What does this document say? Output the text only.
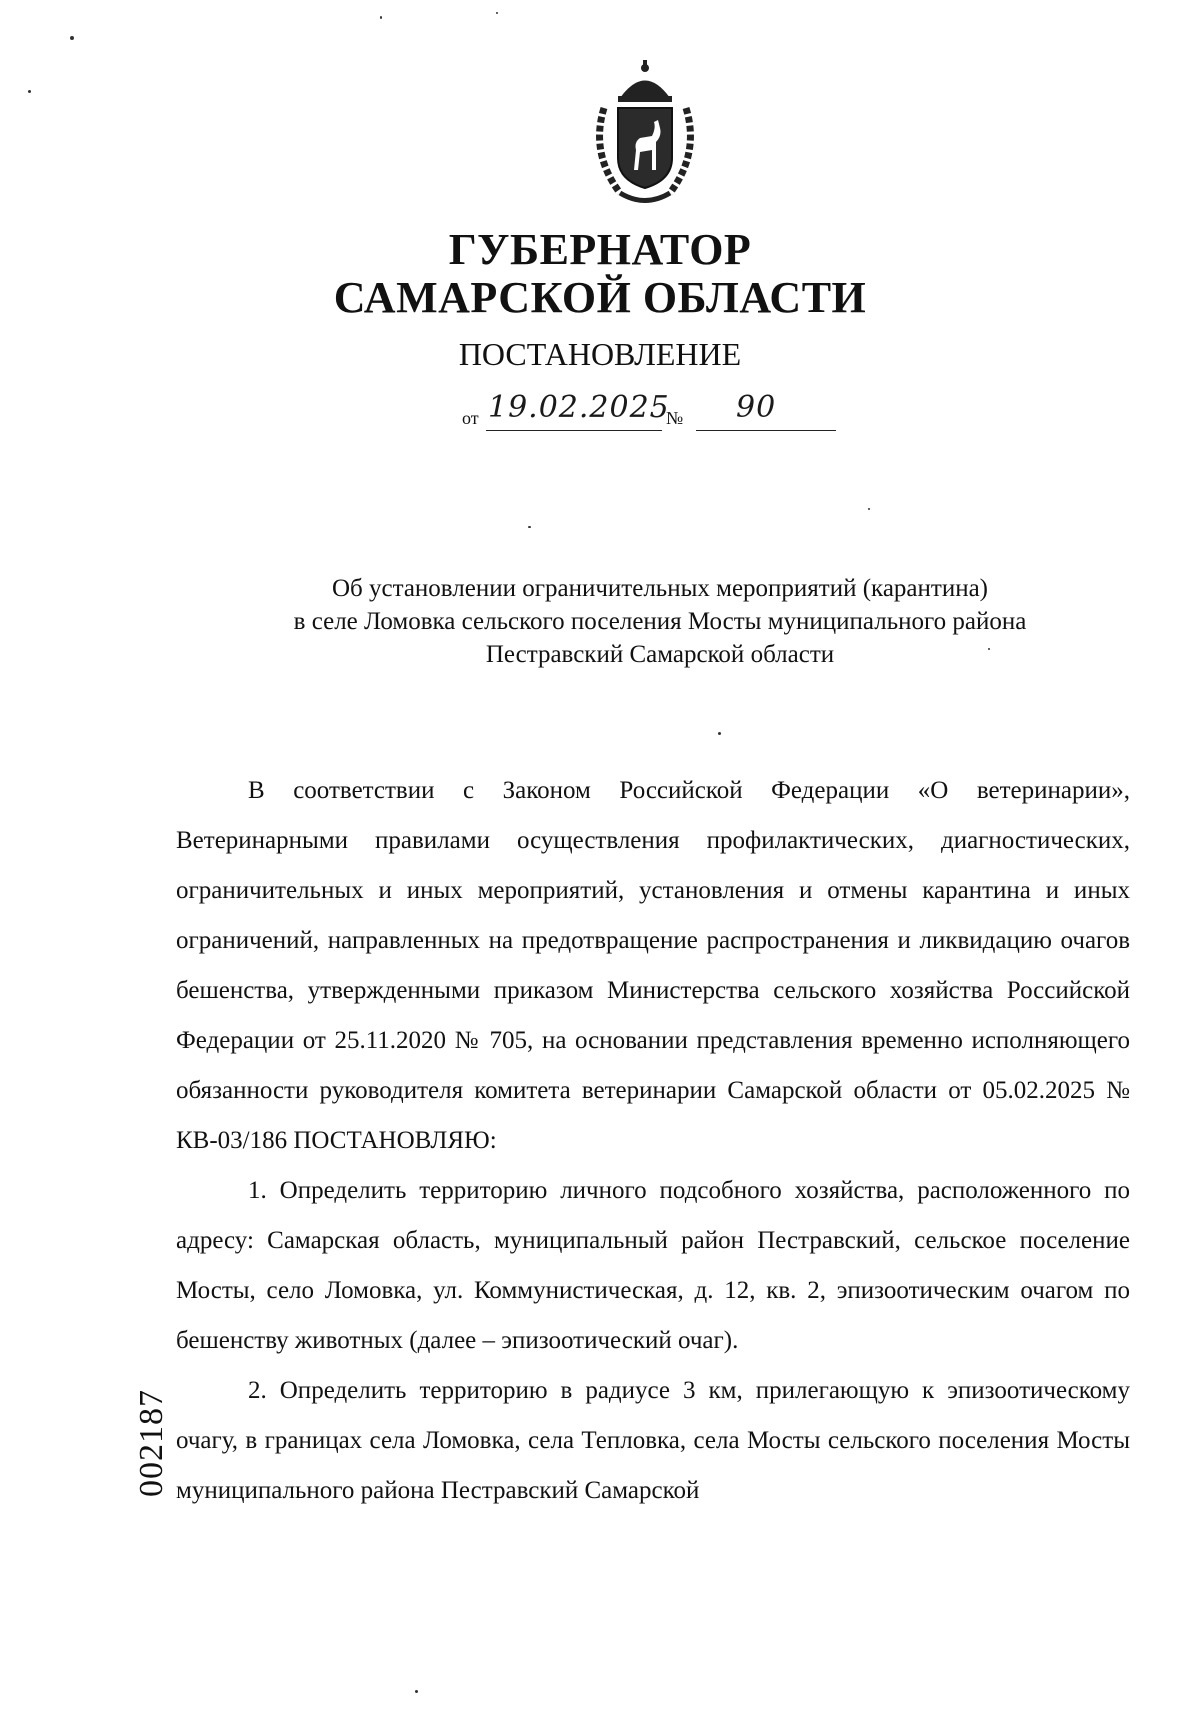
ГУБЕРНАТОР
САМАРСКОЙ ОБЛАСТИ
ПОСТАНОВЛЕНИЕ
от 19.02.2025
№ 90
Об установлении ограничительных мероприятий (карантина)
в селе Ломовка сельского поселения Мосты муниципального района
Пестравский Самарской области

В соответствии с Законом Российской Федерации «О ветеринарии», Ветеринарными правилами осуществления профилактических, диагностических, ограничительных и иных мероприятий, установления и отмены карантина и иных ограничений, направленных на предотвращение распространения и ликвидацию очагов бешенства, утвержденными приказом Министерства сельского хозяйства Российской Федерации от 25.11.2020 № 705, на основании представления временно исполняющего обязанности руководителя комитета ветеринарии Самарской области от 05.02.2025 № КВ-03/186 ПОСТАНОВЛЯЮ:

1. Определить территорию личного подсобного хозяйства, расположенного по адресу: Самарская область, муниципальный район Пестравский, сельское поселение Мосты, село Ломовка, ул. Коммунистическая, д. 12, кв. 2, эпизоотическим очагом по бешенству животных (далее – эпизоотический очаг).

2. Определить территорию в радиусе 3 км, прилегающую к эпизоотическому очагу, в границах села Ломовка, села Тепловка, села Мосты сельского поселения Мосты муниципального района Пестравский Самарской

002187
